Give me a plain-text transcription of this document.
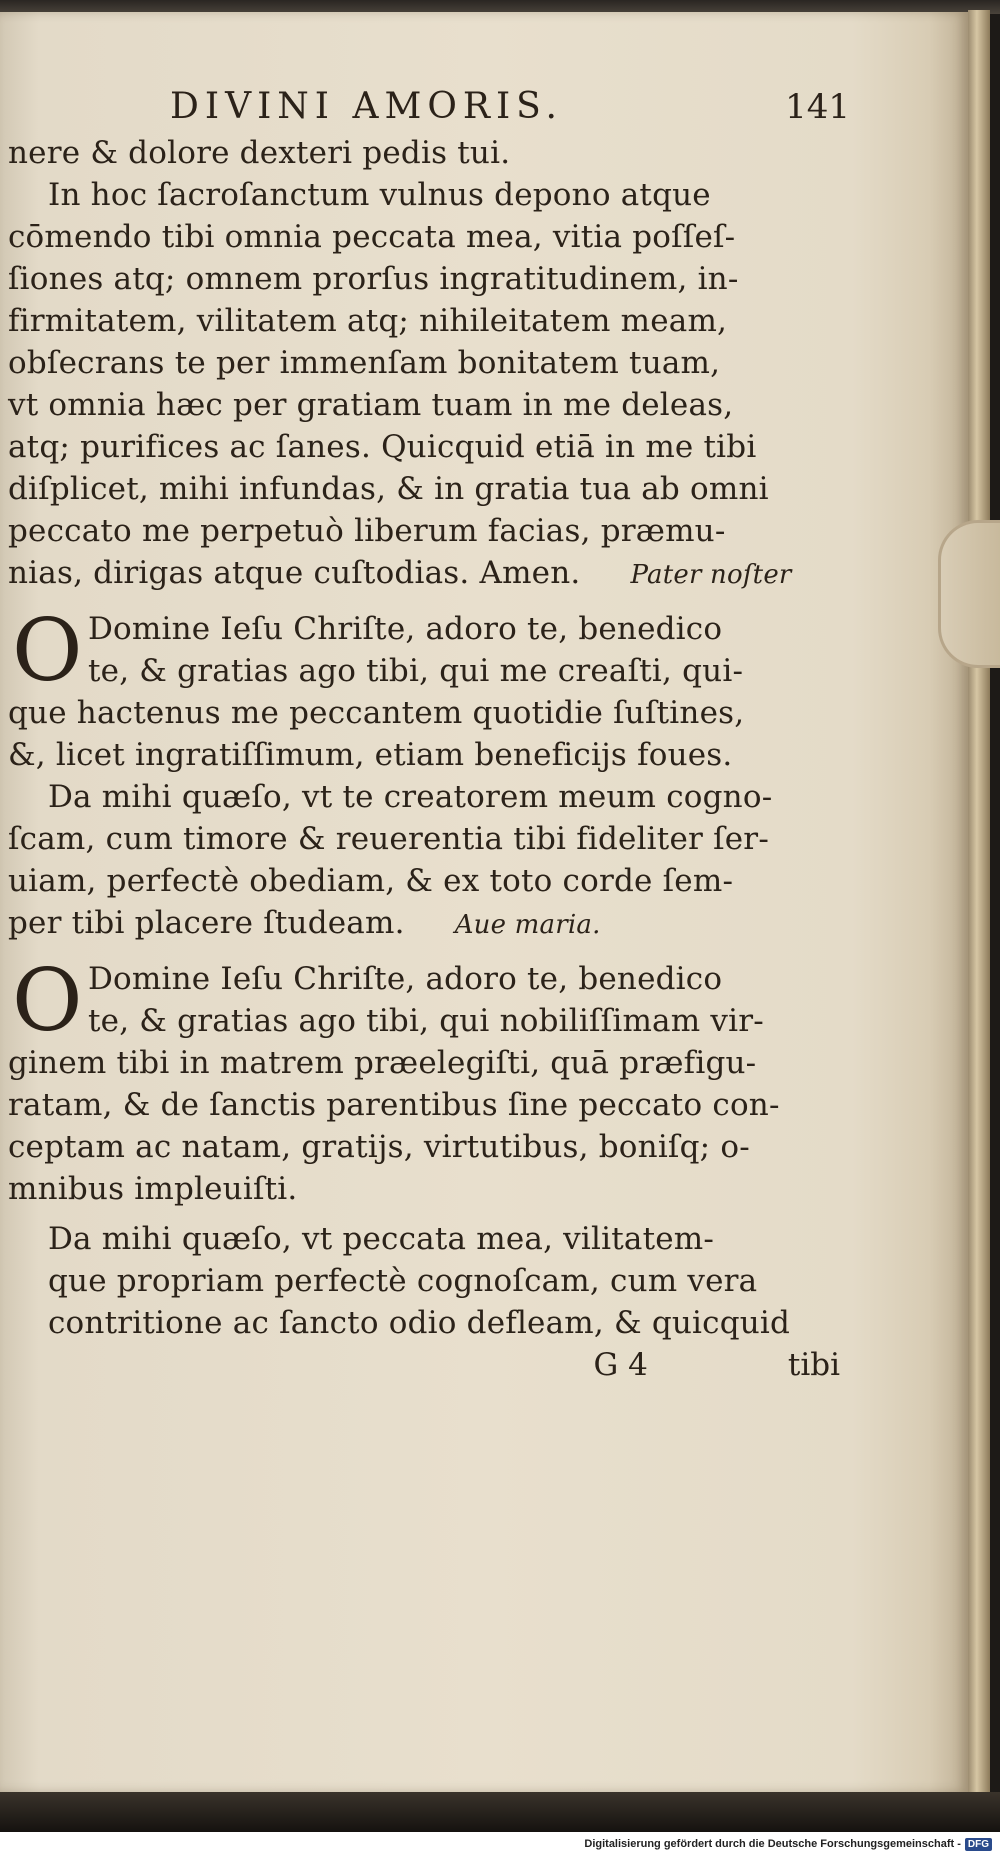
DIVINI AMORIS.	141
nere & dolore dexteri pedis tui.
In hoc ſacroſanctum vulnus depono atque
cōmendo tibi omnia peccata mea, vitia poſſeſ-
ſiones atq; omnem prorſus ingratitudinem, in-
firmitatem, vilitatem atq; nihileitatem meam,
obſecrans te per immenſam bonitatem tuam,
vt omnia hæc per gratiam tuam in me deleas,
atq; purifices ac ſanes. Quicquid etiā in me tibi
diſplicet, mihi infundas, & in gratia tua ab omni
peccato me perpetuò liberum facias, præmu-
nias, dirigas atque cuſtodias. Amen. Pater noſter
O Domine Ieſu Chriſte, adoro te, benedico
te, & gratias ago tibi, qui me creaſti, qui-
que hactenus me peccantem quotidie ſuſtines,
&, licet ingratiſſimum, etiam beneficijs foues.
Da mihi quæſo, vt te creatorem meum cogno-
ſcam, cum timore & reuerentia tibi fideliter ſer-
uiam, perfectè obediam, & ex toto corde ſem-
per tibi placere ſtudeam. Aue maria.
O Domine Ieſu Chriſte, adoro te, benedico
te, & gratias ago tibi, qui nobiliſſimam vir-
ginem tibi in matrem præelegiſti, quā præfigu-
ratam, & de ſanctis parentibus ſine peccato con-
ceptam ac natam, gratijs, virtutibus, boniſq; o-
mnibus impleuiſti.
Da mihi quæſo, vt peccata mea, vilitatem-
que propriam perfectè cognoſcam, cum vera
contritione ac ſancto odio defleam, & quicquid
G 4	tibi
Digitalisierung gefördert durch die Deutsche Forschungsgemeinschaft - DFG
